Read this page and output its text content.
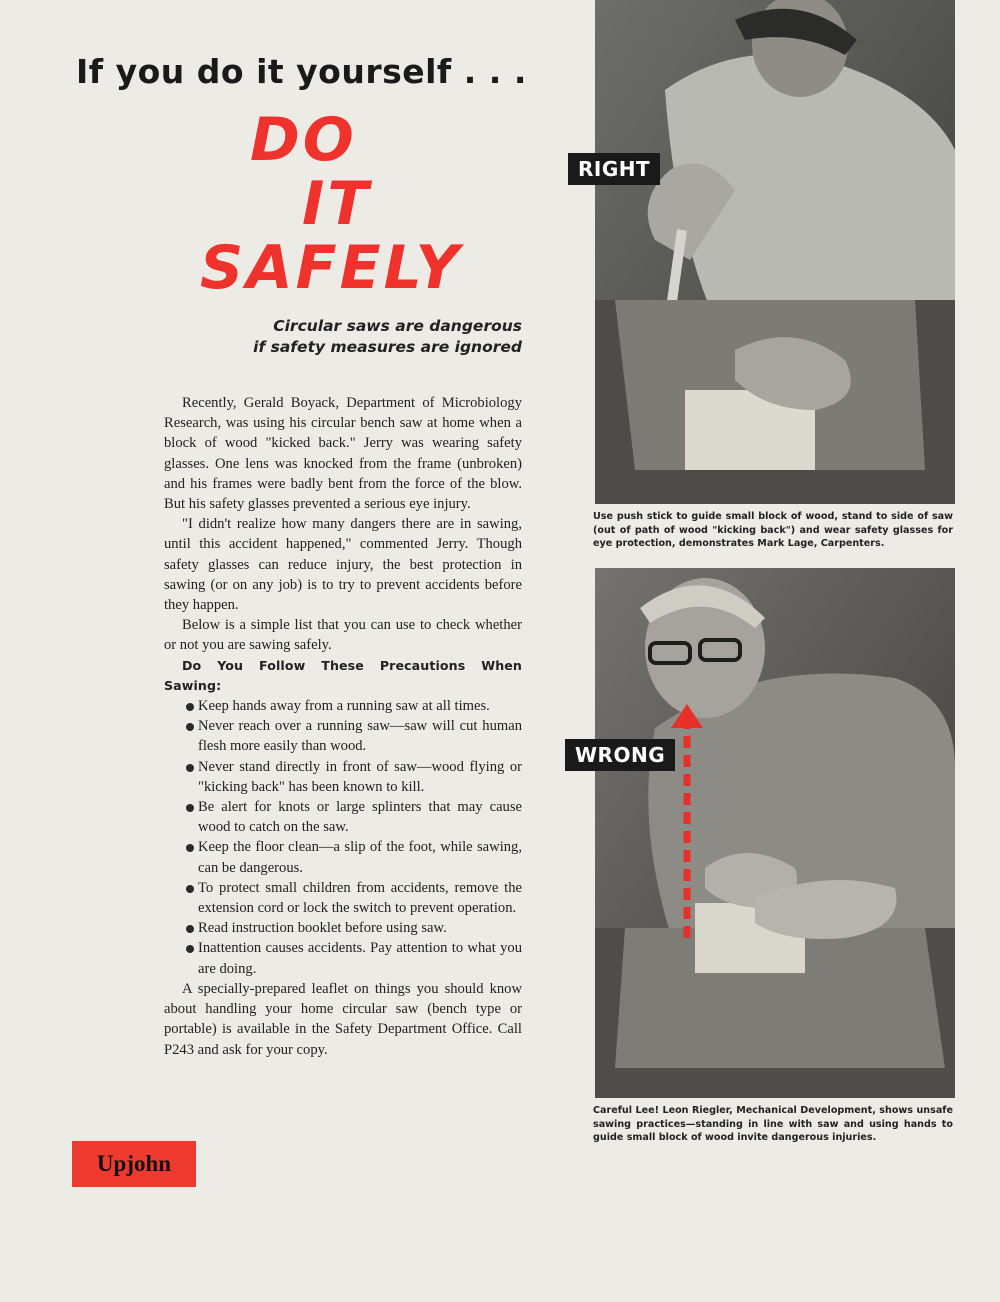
If you do it yourself . . .
DO
IT
SAFELY

Circular saws are dangerous
if safety measures are ignored

Recently, Gerald Boyack, Department of Microbiology Research, was using his circular bench saw at home when a block of wood "kicked back." Jerry was wearing safety glasses. One lens was knocked from the frame (unbroken) and his frames were badly bent from the force of the blow. But his safety glasses prevented a serious eye injury.

"I didn't realize how many dangers there are in sawing, until this accident happened," commented Jerry. Though safety glasses can reduce injury, the best protection in sawing (or on any job) is to try to prevent accidents before they happen.

Below is a simple list that you can use to check whether or not you are sawing safely.

Do You Follow These Precautions When Sawing:

Keep hands away from a running saw at all times.
Never reach over a running saw—saw will cut human flesh more easily than wood.
Never stand directly in front of saw—wood flying or "kicking back" has been known to kill.
Be alert for knots or large splinters that may cause wood to catch on the saw.
Keep the floor clean—a slip of the foot, while sawing, can be dangerous.
To protect small children from accidents, remove the extension cord or lock the switch to prevent operation.
Read instruction booklet before using saw.
Inattention causes accidents. Pay attention to what you are doing.

A specially-prepared leaflet on things you should know about handling your home circular saw (bench type or portable) is available in the Safety Department Office. Call P243 and ask for your copy.

RIGHT

Use push stick to guide small block of wood, stand to side of saw (out of path of wood "kicking back") and wear safety glasses for eye protection, demonstrates Mark Lage, Carpenters.

WRONG

Careful Lee! Leon Riegler, Mechanical Development, shows unsafe sawing practices—standing in line with saw and using hands to guide small block of wood invite dangerous injuries.

Upjohn
